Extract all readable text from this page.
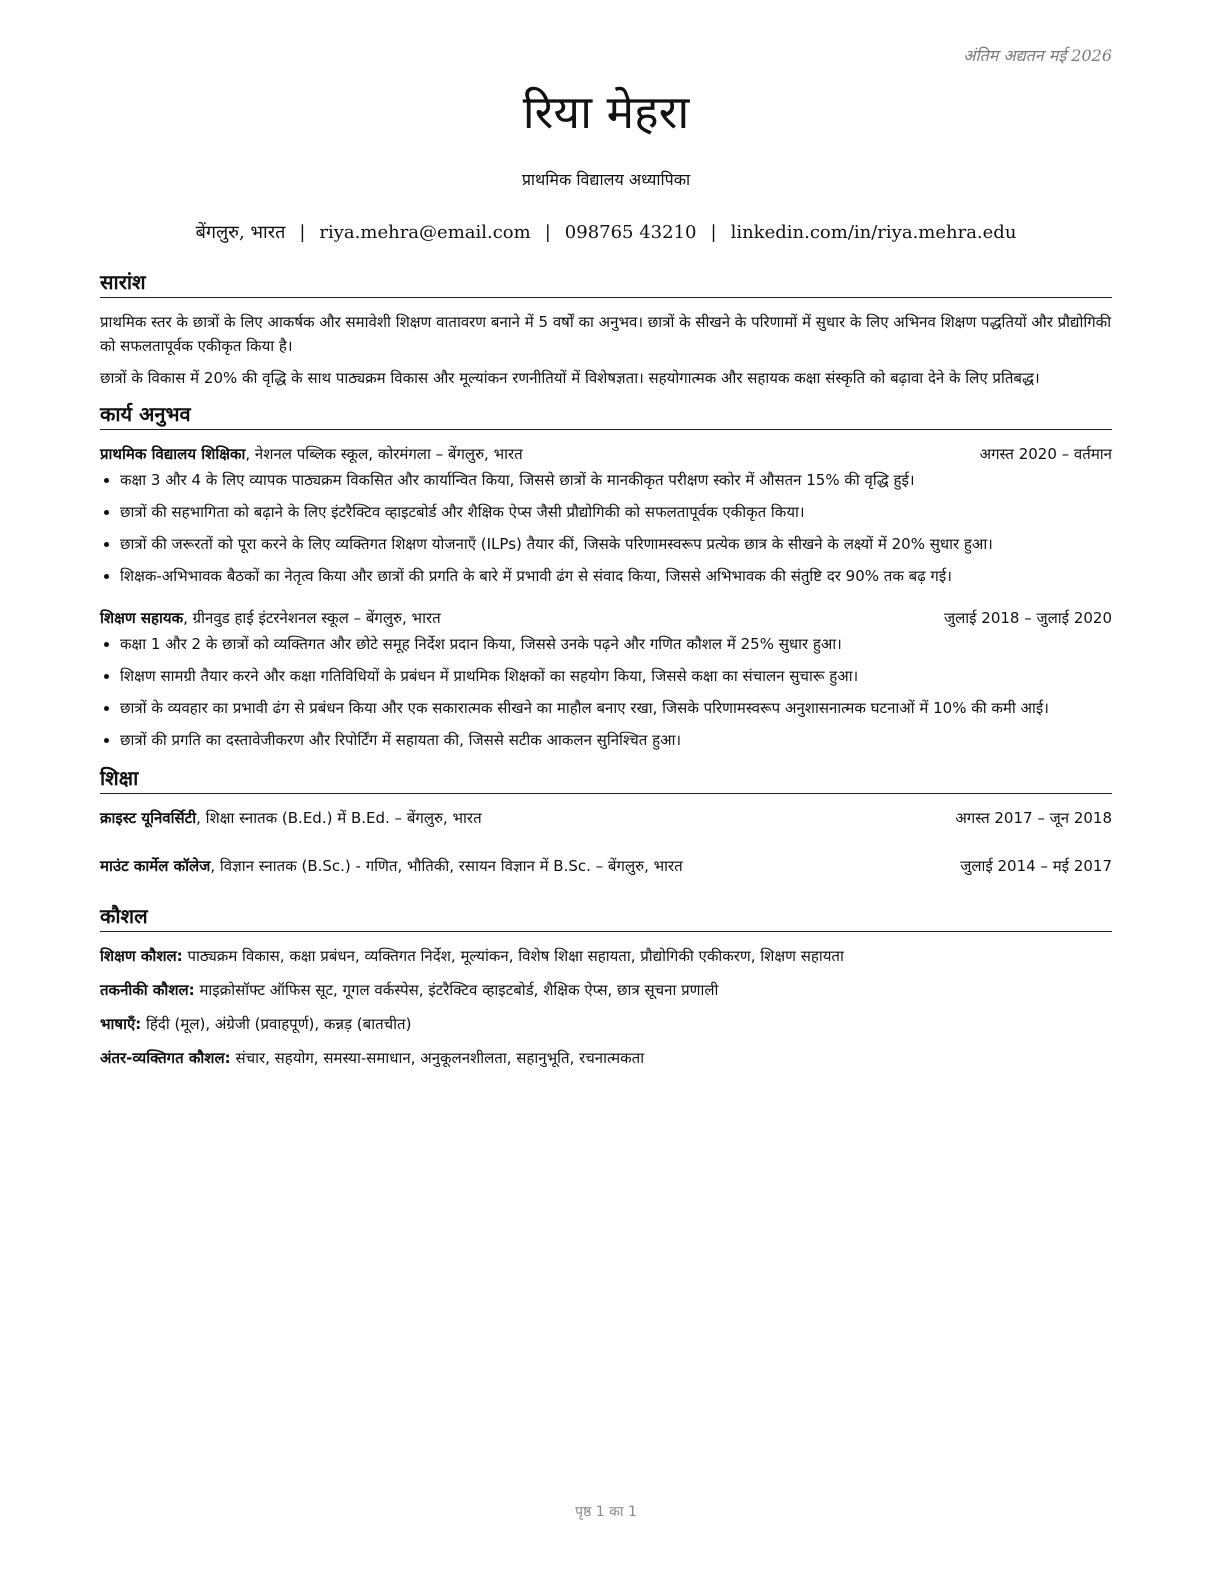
अंतिम अद्यतन मई 2026
रिया मेहरा
प्राथमिक विद्यालय अध्यापिका
बेंगलुरु, भारत | riya.mehra@email.com | 098765 43210 | linkedin.com/in/riya.mehra.edu
सारांश

प्राथमिक स्तर के छात्रों के लिए आकर्षक और समावेशी शिक्षण वातावरण बनाने में 5 वर्षों का अनुभव। छात्रों के सीखने के परिणामों में सुधार के लिए अभिनव शिक्षण पद्धतियों और प्रौद्योगिकी को सफलतापूर्वक एकीकृत किया है।

छात्रों के विकास में 20% की वृद्धि के साथ पाठ्यक्रम विकास और मूल्यांकन रणनीतियों में विशेषज्ञता। सहयोगात्मक और सहायक कक्षा संस्कृति को बढ़ावा देने के लिए प्रतिबद्ध।

कार्य अनुभव
प्राथमिक विद्यालय शिक्षिका, नेशनल पब्लिक स्कूल, कोरमंगला – बेंगलुरु, भारत	अगस्त 2020 – वर्तमान
• कक्षा 3 और 4 के लिए व्यापक पाठ्यक्रम विकसित और कार्यान्वित किया, जिससे छात्रों के मानकीकृत परीक्षण स्कोर में औसतन 15% की वृद्धि हुई।
• छात्रों की सहभागिता को बढ़ाने के लिए इंटरैक्टिव व्हाइटबोर्ड और शैक्षिक ऐप्स जैसी प्रौद्योगिकी को सफलतापूर्वक एकीकृत किया।
• छात्रों की जरूरतों को पूरा करने के लिए व्यक्तिगत शिक्षण योजनाएँ (ILPs) तैयार कीं, जिसके परिणामस्वरूप प्रत्येक छात्र के सीखने के लक्ष्यों में 20% सुधार हुआ।
• शिक्षक-अभिभावक बैठकों का नेतृत्व किया और छात्रों की प्रगति के बारे में प्रभावी ढंग से संवाद किया, जिससे अभिभावक की संतुष्टि दर 90% तक बढ़ गई।
शिक्षण सहायक, ग्रीनवुड हाई इंटरनेशनल स्कूल – बेंगलुरु, भारत	जुलाई 2018 – जुलाई 2020
• कक्षा 1 और 2 के छात्रों को व्यक्तिगत और छोटे समूह निर्देश प्रदान किया, जिससे उनके पढ़ने और गणित कौशल में 25% सुधार हुआ।
• शिक्षण सामग्री तैयार करने और कक्षा गतिविधियों के प्रबंधन में प्राथमिक शिक्षकों का सहयोग किया, जिससे कक्षा का संचालन सुचारू हुआ।
• छात्रों के व्यवहार का प्रभावी ढंग से प्रबंधन किया और एक सकारात्मक सीखने का माहौल बनाए रखा, जिसके परिणामस्वरूप अनुशासनात्मक घटनाओं में 10% की कमी आई।
• छात्रों की प्रगति का दस्तावेजीकरण और रिपोर्टिंग में सहायता की, जिससे सटीक आकलन सुनिश्चित हुआ।
शिक्षा
क्राइस्ट यूनिवर्सिटी, शिक्षा स्नातक (B.Ed.) में B.Ed. – बेंगलुरु, भारत	अगस्त 2017 – जून 2018
माउंट कार्मेल कॉलेज, विज्ञान स्नातक (B.Sc.) - गणित, भौतिकी, रसायन विज्ञान में B.Sc. – बेंगलुरु, भारत	जुलाई 2014 – मई 2017
कौशल
शिक्षण कौशल: पाठ्यक्रम विकास, कक्षा प्रबंधन, व्यक्तिगत निर्देश, मूल्यांकन, विशेष शिक्षा सहायता, प्रौद्योगिकी एकीकरण, शिक्षण सहायता
तकनीकी कौशल: माइक्रोसॉफ्ट ऑफिस सूट, गूगल वर्कस्पेस, इंटरैक्टिव व्हाइटबोर्ड, शैक्षिक ऐप्स, छात्र सूचना प्रणाली
भाषाएँ: हिंदी (मूल), अंग्रेजी (प्रवाहपूर्ण), कन्नड़ (बातचीत)
अंतर-व्यक्तिगत कौशल: संचार, सहयोग, समस्या-समाधान, अनुकूलनशीलता, सहानुभूति, रचनात्मकता
पृष्ठ 1 का 1
